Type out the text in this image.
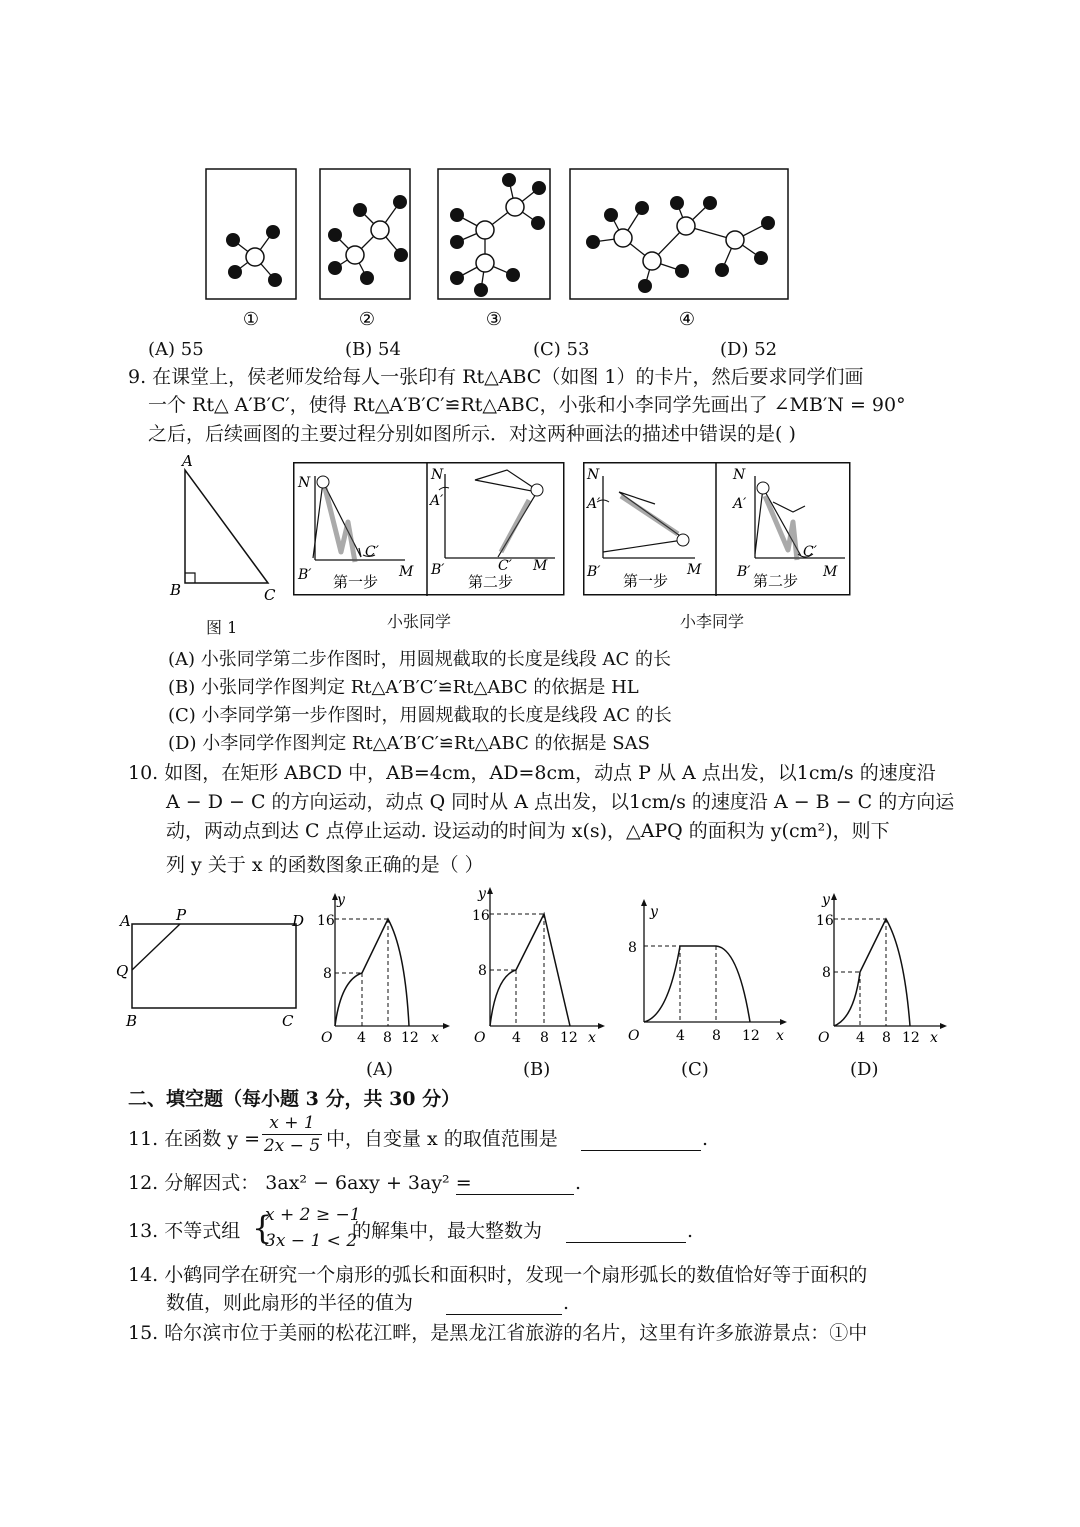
①	②	③	④
(A) 55	(B) 54	(C) 53	(D) 52
9. 在课堂上，侯老师发给每人一张印有 Rt△ABC（如图 1）的卡片，然后要求同学们画
一个 Rt△ A′B′C′，使得 Rt△A′B′C′≌Rt△ABC，小张和小李同学先画出了 ∠MB′N = 90°
之后，后续画图的主要过程分别如图所示．对这两种画法的描述中错误的是( )
A
B	C
图 1
N
C′
B′	M
第一步
N
A′
B′	C′ M
第二步
小张同学
N
A′
B′	M
第一步
N
A′
C′
B′	M
第二步
小李同学
(A) 小张同学第二步作图时，用圆规截取的长度是线段 AC 的长
(B) 小张同学作图判定 Rt△A′B′C′≌Rt△ABC 的依据是 HL
(C) 小李同学第一步作图时，用圆规截取的长度是线段 AC 的长
(D) 小李同学作图判定 Rt△A′B′C′≌Rt△ABC 的依据是 SAS
10. 如图，在矩形 ABCD 中，AB=4cm，AD=8cm，动点 P 从 A 点出发，以1cm/s 的速度沿
A − D − C 的方向运动，动点 Q 同时从 A 点出发，以1cm/s 的速度沿 A − B − C 的方向运
动，两动点到达 C 点停止运动. 设运动的时间为 x(s)，△APQ 的面积为 y(cm²)，则下
列 y 关于 x 的函数图象正确的是（ ）
A	P	D
Q
B	C
y
16
8
O 4 8 12 x
y
16
8
O 4 8 12 x
y
8
O	4 8 12 x
y
16
8
O 4 8 12 x
(A)	(B)	(C)	(D)
二、填空题（每小题 3 分，共 30 分）
11. 在函数 $y = \frac{x + 1}{2x - 5}$ 中，自变量 x 的取值范围是	.
12. 分解因式： 3ax² − 6axy + 3ay² =	.
13. 不等式组 {
x + 2 ≥ −1
3x − 1 < 2
的解集中，最大整数为	.
14. 小鹤同学在研究一个扇形的弧长和面积时，发现一个扇形弧长的数值恰好等于面积的
数值，则此扇形的半径的值为	.
15. 哈尔滨市位于美丽的松花江畔，是黑龙江省旅游的名片，这里有许多旅游景点：①中
